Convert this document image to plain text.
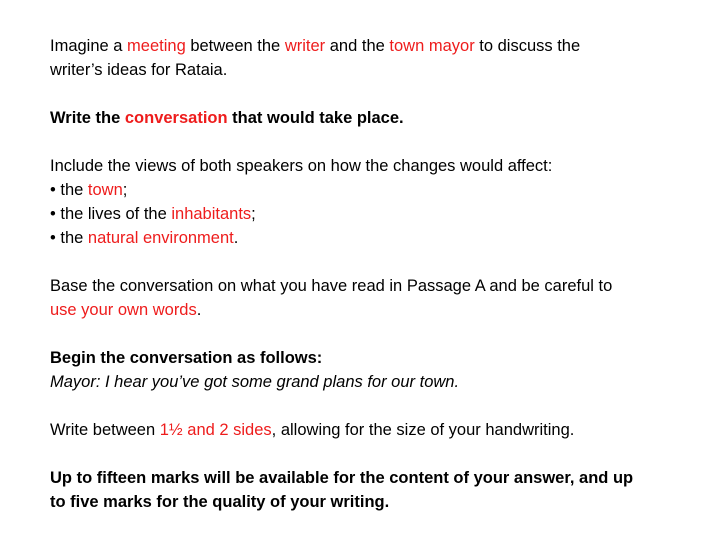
Imagine a meeting between the writer and the town mayor to discuss the
writer’s ideas for Rataia.

Write the conversation that would take place.

Include the views of both speakers on how the changes would affect:
• the town;
• the lives of the inhabitants;
• the natural environment.

Base the conversation on what you have read in Passage A and be careful to
use your own words.

Begin the conversation as follows:
Mayor: I hear you’ve got some grand plans for our town.

Write between 1½ and 2 sides, allowing for the size of your handwriting.

Up to fifteen marks will be available for the content of your answer, and up
to five marks for the quality of your writing.
